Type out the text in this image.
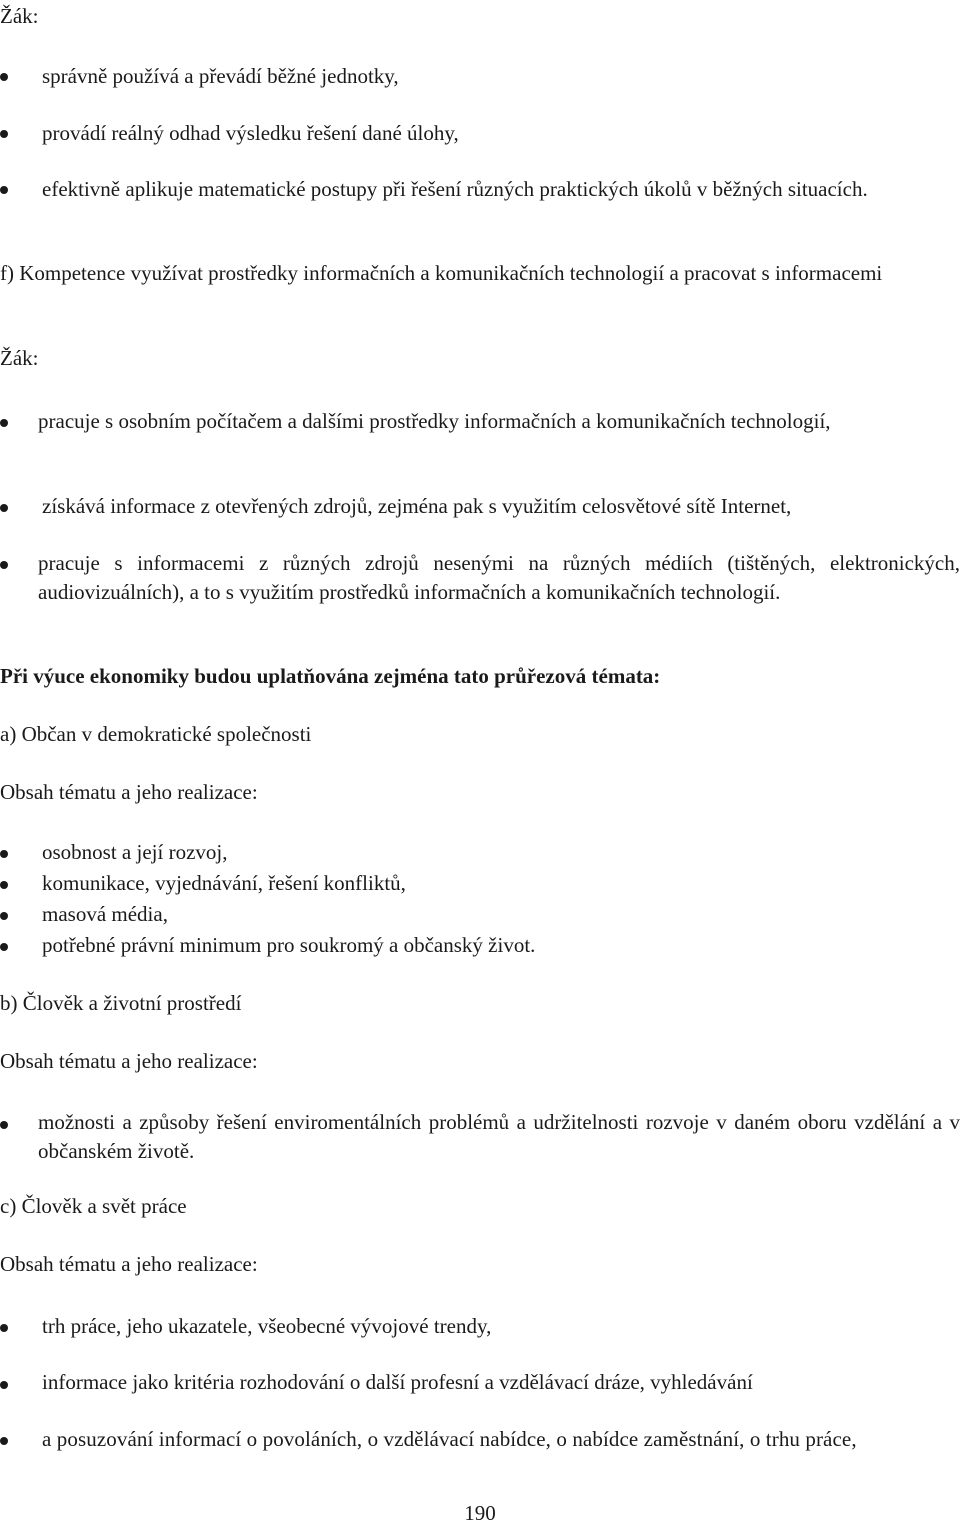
Žák:
správně používá a převádí běžné jednotky,
provádí reálný odhad výsledku řešení dané úlohy,
efektivně aplikuje matematické postupy při řešení různých praktických úkolů v běžných situacích.
f) Kompetence využívat prostředky informačních a komunikačních technologií a pracovat s informacemi
Žák:
pracuje s osobním počítačem a dalšími prostředky informačních a komunikačních technologií,
získává informace z otevřených zdrojů, zejména pak s využitím celosvětové sítě Internet,
pracuje s informacemi z různých zdrojů nesenými na různých médiích (tištěných, elektronických, audiovizuálních), a to s využitím prostředků informačních a komunikačních technologií.
Při výuce ekonomiky budou uplatňována zejména tato průřezová témata:
a) Občan v demokratické společnosti
Obsah tématu a jeho realizace:
osobnost a její rozvoj,
komunikace, vyjednávání, řešení konfliktů,
masová média,
potřebné právní minimum pro soukromý a občanský život.
b) Člověk a životní prostředí
Obsah tématu a jeho realizace:
možnosti a způsoby řešení enviromentálních problémů a udržitelnosti rozvoje v daném oboru vzdělání a v občanském životě.
c) Člověk a svět práce
Obsah tématu a jeho realizace:
trh práce, jeho ukazatele, všeobecné vývojové trendy,
informace jako kritéria rozhodování o další profesní a vzdělávací dráze, vyhledávání
a posuzování informací o povoláních, o vzdělávací nabídce, o nabídce zaměstnání, o trhu práce,
190
